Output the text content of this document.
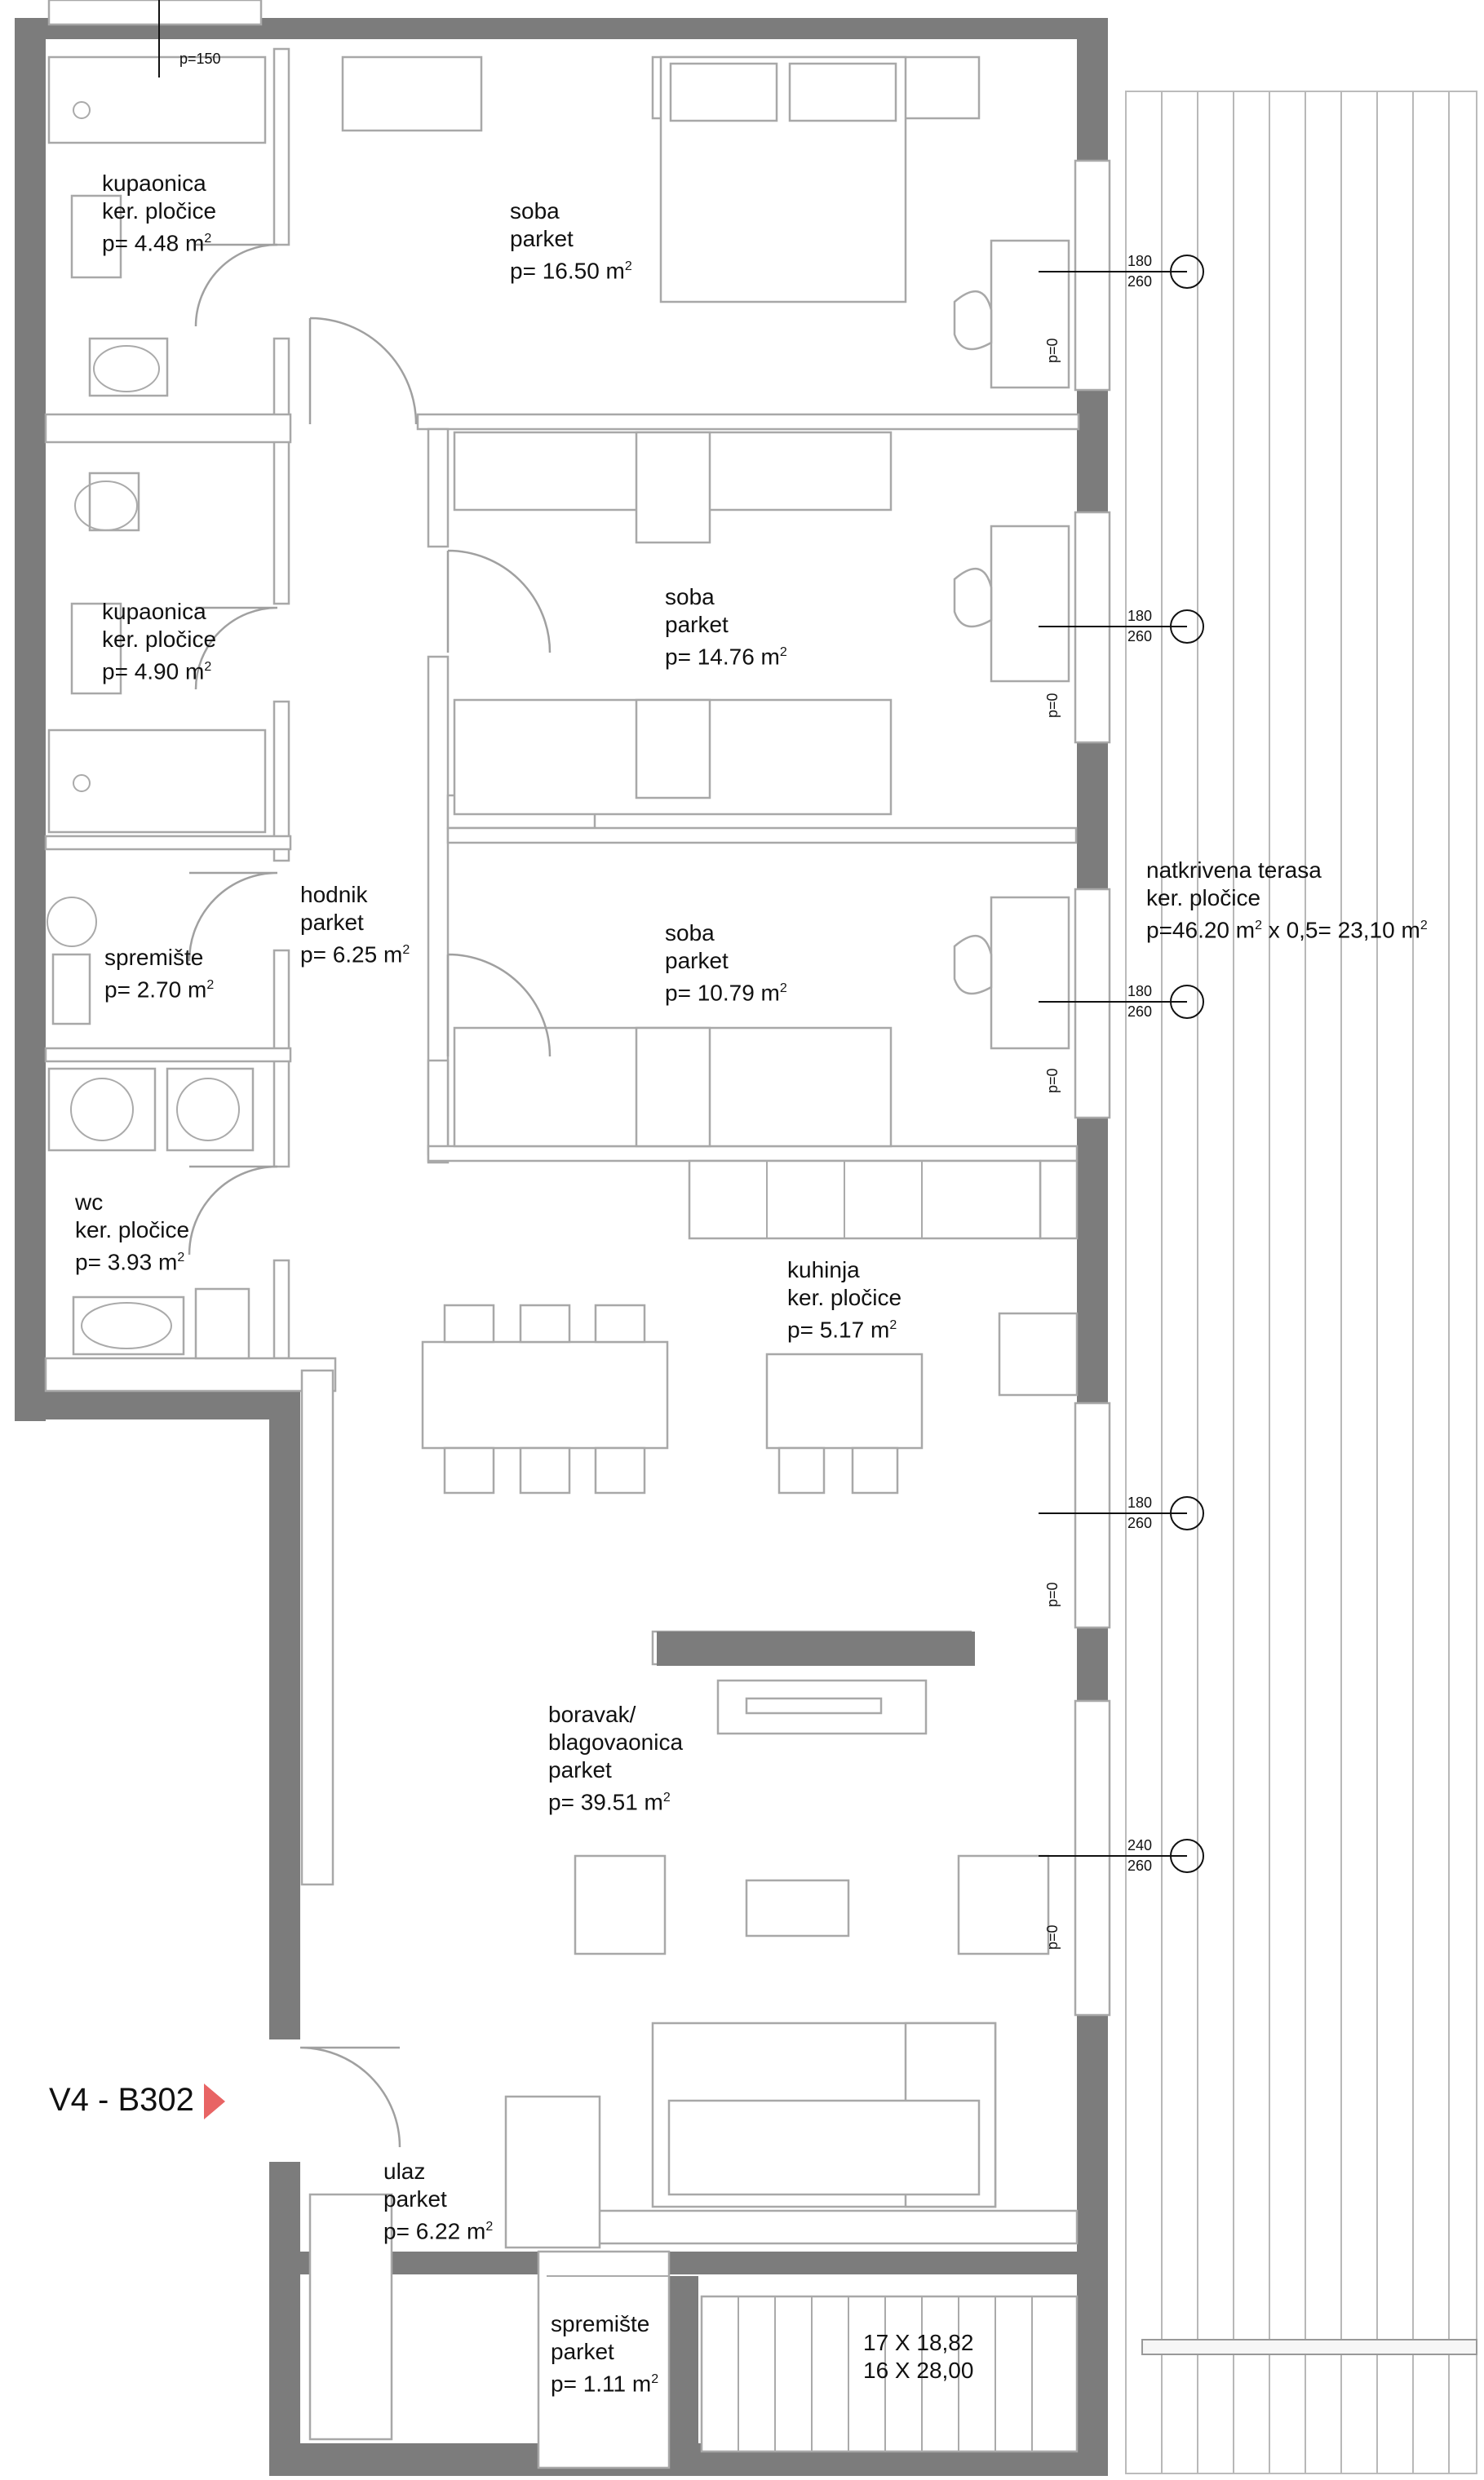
kupaonica
ker. pločice
p= 4.48 $m^2$
kupaonica
ker. pločice
p= 4.90 $m^2$
spremište
p= 2.70 $m^2$
wc
ker. pločice
p= 3.93 $m^2$
hodnik
parket
p= 6.25 $m^2$
soba
parket
p= 16.50 $m^2$
soba
parket
p= 14.76 $m^2$
soba
parket
p= 10.79 $m^2$
kuhinja
ker. pločice
p= 5.17 $m^2$
boravak/
blagovaonica
parket
p= 39.51 $m^2$
ulaz
parket
p= 6.22 $m^2$
spremište
parket
p= 1.11 $m^2$
natkrivena terasa
ker. pločice
p=46.20 $m^2$ x 0,5= 23,10 $m^2$
17 X 18,82
16 X 28,00
p=150
180
260
p=0
180
260
p=0
180
260
p=0
180
260
p=0
240
260
p=0
V4 - B302
